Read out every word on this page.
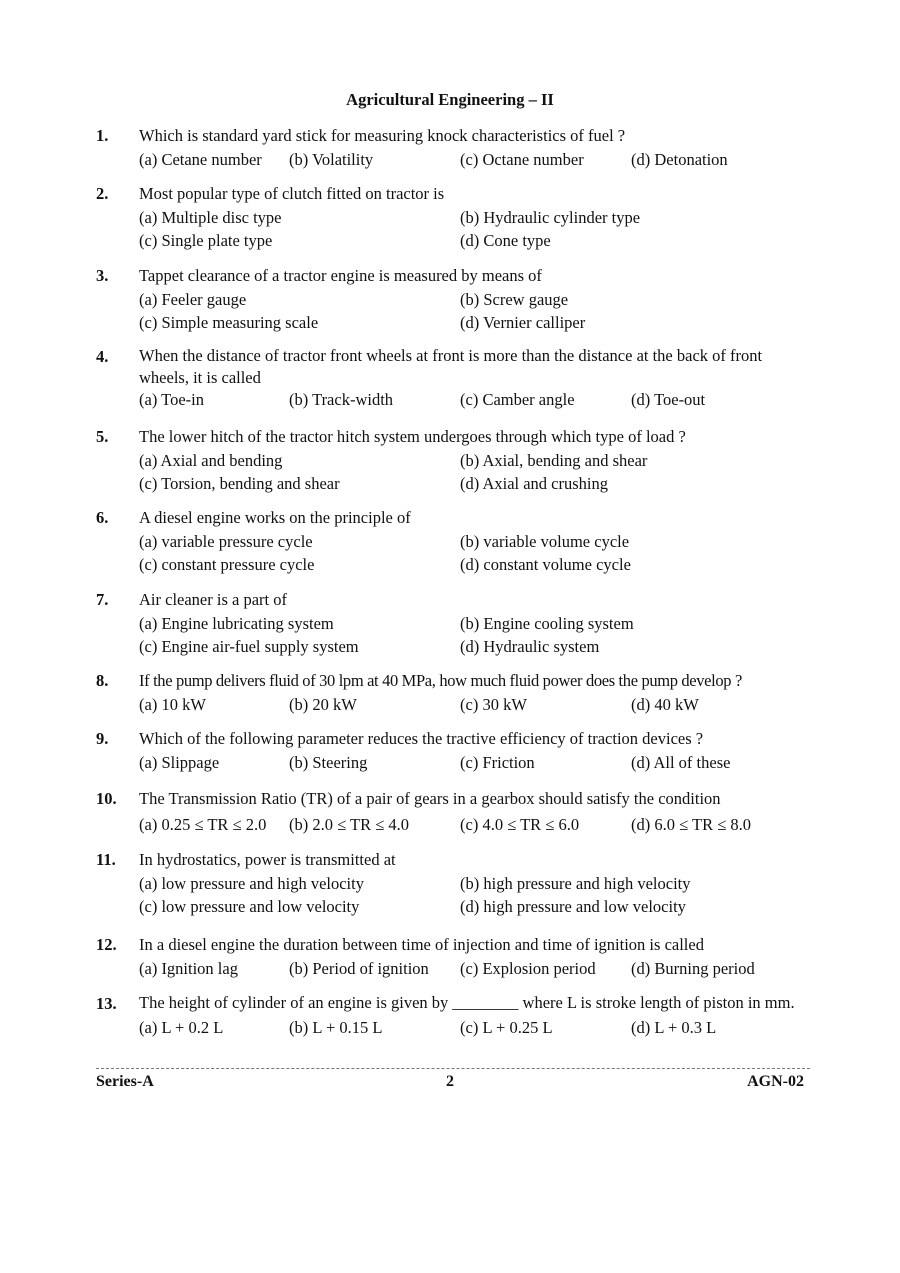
Agricultural Engineering – II
1.	Which is standard yard stick for measuring knock characteristics of fuel ?
(a) Cetane number (b) Volatility	(c) Octane number	(d) Detonation
2.	Most popular type of clutch fitted on tractor is
(a) Multiple disc type	(b) Hydraulic cylinder type
(c) Single plate type	(d) Cone type
3.	Tappet clearance of a tractor engine is measured by means of
(a) Feeler gauge	(b) Screw gauge
(c) Simple measuring scale	(d) Vernier calliper
4.	When the distance of tractor front wheels at front is more than the distance at the back of front wheels, it is called
(a) Toe-in	(b) Track-width	(c) Camber angle	(d) Toe-out
5.	The lower hitch of the tractor hitch system undergoes through which type of load ?
(a) Axial and bending	(b) Axial, bending and shear
(c) Torsion, bending and shear	(d) Axial and crushing
6.	A diesel engine works on the principle of
(a) variable pressure cycle	(b) variable volume cycle
(c) constant pressure cycle	(d) constant volume cycle
7.	Air cleaner is a part of
(a) Engine lubricating system	(b) Engine cooling system
(c) Engine air-fuel supply system	(d) Hydraulic system
8.	If the pump delivers fluid of 30 lpm at 40 MPa, how much fluid power does the pump develop ?
(a) 10 kW	(b) 20 kW	(c) 30 kW	(d) 40 kW
9.	Which of the following parameter reduces the tractive efficiency of traction devices ?
(a) Slippage	(b) Steering	(c) Friction	(d) All of these
10.	The Transmission Ratio (TR) of a pair of gears in a gearbox should satisfy the condition
(a) 0.25 ≤ TR ≤ 2.0 (b) 2.0 ≤ TR ≤ 4.0	(c) 4.0 ≤ TR ≤ 6.0	(d) 6.0 ≤ TR ≤ 8.0
11.	In hydrostatics, power is transmitted at
(a) low pressure and high velocity	(b) high pressure and high velocity
(c) low pressure and low velocity	(d) high pressure and low velocity
12.	In a diesel engine the duration between time of injection and time of ignition is called
(a) Ignition lag	(b) Period of ignition (c) Explosion period (d) Burning period
13.	The height of cylinder of an engine is given by ________ where L is stroke length of piston in mm.
(a) L + 0.2 L	(b) L + 0.15 L	(c) L + 0.25 L	(d) L + 0.3 L
Series-A	2	AGN-02
